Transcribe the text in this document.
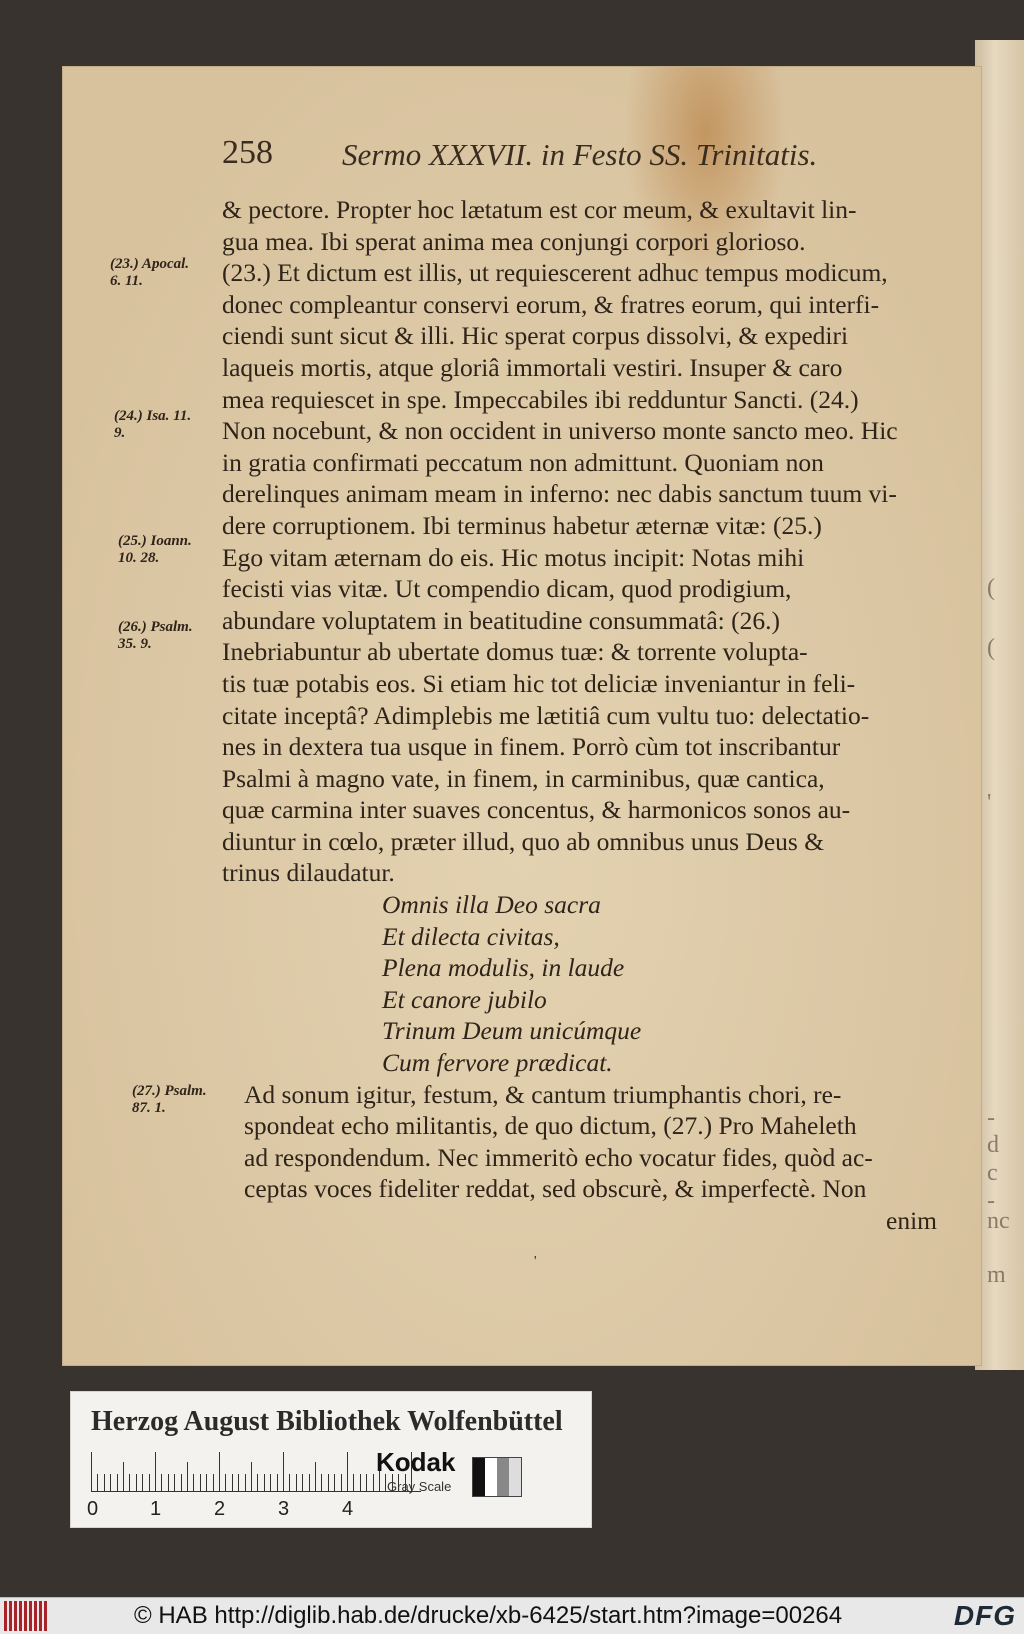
(
(
'
-
d
c
-
nc
m
258 Sermo XXXVII. in Festo SS. Trinitatis.
(23.) Apocal.
6. 11.
(24.) Isa. 11.
9.
(25.) Ioann.
10. 28.
(26.) Psalm.
35. 9.
(27.) Psalm.
87. 1.
& pectore. Propter hoc lætatum est cor meum, & exultavit lin-
gua mea. Ibi sperat anima mea conjungi corpori glorioso.
(23.) Et dictum est illis, ut requiescerent adhuc tempus modicum,
donec compleantur conservi eorum, & fratres eorum, qui interfi-
ciendi sunt sicut & illi. Hic sperat corpus dissolvi, & expediri
laqueis mortis, atque gloriâ immortali vestiri. Insuper & caro
mea requiescet in spe. Impeccabiles ibi redduntur Sancti. (24.)
Non nocebunt, & non occident in universo monte sancto meo. Hic
in gratia confirmati peccatum non admittunt. Quoniam non
derelinques animam meam in inferno: nec dabis sanctum tuum vi-
dere corruptionem. Ibi terminus habetur æternæ vitæ: (25.)
Ego vitam æternam do eis. Hic motus incipit: Notas mihi
fecisti vias vitæ. Ut compendio dicam, quod prodigium,
abundare voluptatem in beatitudine consummatâ: (26.)
Inebriabuntur ab ubertate domus tuæ: & torrente volupta-
tis tuæ potabis eos. Si etiam hic tot deliciæ inveniantur in feli-
citate inceptâ? Adimplebis me lætitiâ cum vultu tuo: delectatio-
nes in dextera tua usque in finem. Porrò cùm tot inscribantur
Psalmi à magno vate, in finem, in carminibus, quæ cantica,
quæ carmina inter suaves concentus, & harmonicos sonos au-
diuntur in cœlo, præter illud, quo ab omnibus unus Deus &
trinus dilaudatur.
Omnis illa Deo sacra
Et dilecta civitas,
Plena modulis, in laude
Et canore jubilo
Trinum Deum unicúmque
Cum fervore prædicat.
Ad sonum igitur, festum, & cantum triumphantis chori, re-
spondeat echo militantis, de quo dictum, (27.) Pro Mahelеth
ad respondendum. Nec immeritò echo vocatur fides, quòd ac-
ceptas voces fideliter reddat, sed obscurè, & imperfectè. Non
enim
'
Herzog August Bibliothek Wolfenbüttel
0	1	2	3	4
Kodak
Gray Scale
© HAB http://diglib.hab.de/drucke/xb-6425/start.htm?image=00264	DFG
